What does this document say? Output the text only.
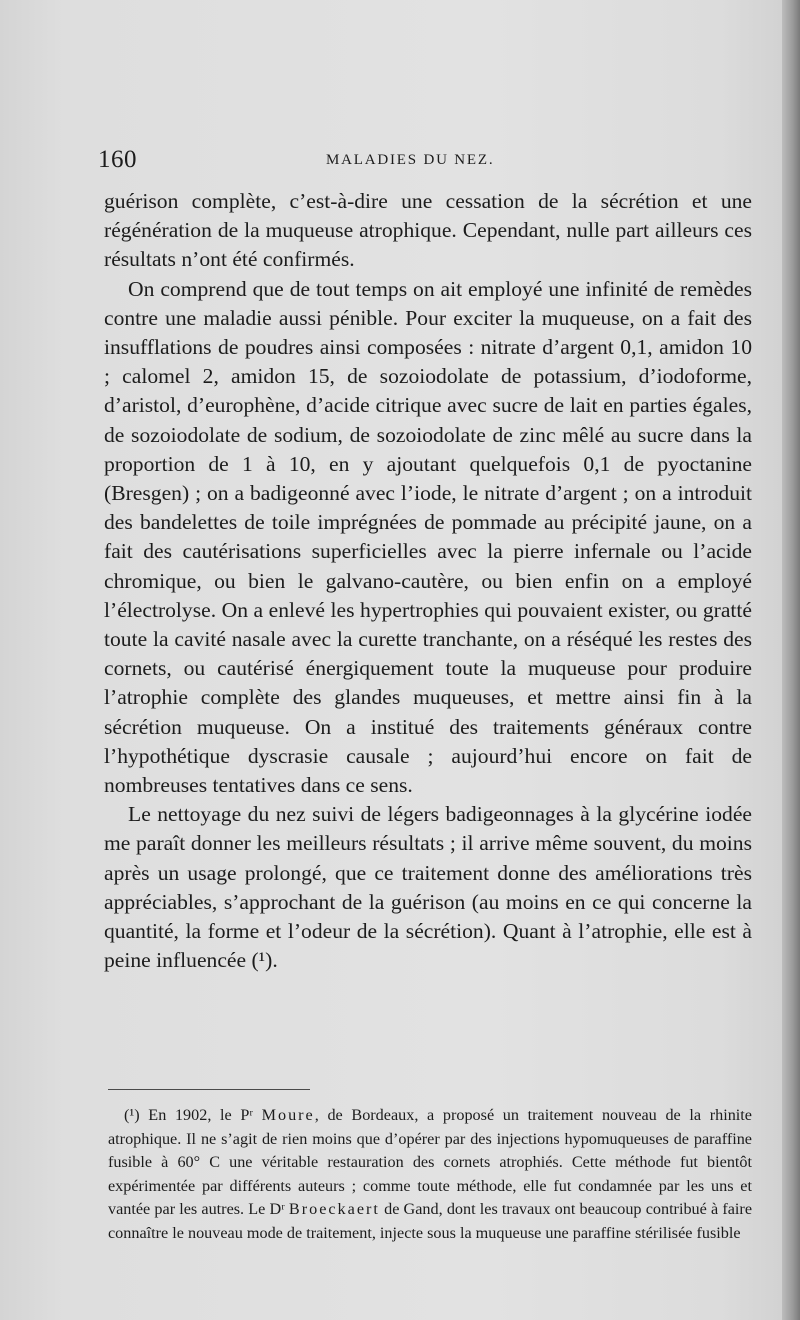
160	MALADIES DU NEZ.

guérison complète, c’est-à-dire une cessation de la sécrétion et une régénération de la muqueuse atrophique. Cependant, nulle part ailleurs ces résultats n’ont été confirmés.

On comprend que de tout temps on ait employé une infinité de remèdes contre une maladie aussi pénible. Pour exciter la muqueuse, on a fait des insufflations de poudres ainsi composées : nitrate d’argent 0,1, amidon 10 ; calomel 2, amidon 15, de sozoiodolate de potassium, d’iodoforme, d’aristol, d’europhène, d’acide citrique avec sucre de lait en parties égales, de sozoiodolate de sodium, de sozoiodolate de zinc mêlé au sucre dans la proportion de 1 à 10, en y ajoutant quelquefois 0,1 de pyoctanine (Bresgen) ; on a badigeonné avec l’iode, le nitrate d’argent ; on a introduit des bandelettes de toile imprégnées de pommade au précipité jaune, on a fait des cautérisations superficielles avec la pierre infernale ou l’acide chromique, ou bien le galvano-cautère, ou bien enfin on a employé l’électrolyse. On a enlevé les hypertrophies qui pouvaient exister, ou gratté toute la cavité nasale avec la curette tranchante, on a réséqué les restes des cornets, ou cautérisé énergiquement toute la muqueuse pour produire l’atrophie complète des glandes muqueuses, et mettre ainsi fin à la sécrétion muqueuse. On a institué des traitements généraux contre l’hypothétique dyscrasie causale ; aujourd’hui encore on fait de nombreuses tentatives dans ce sens.

Le nettoyage du nez suivi de légers badigeonnages à la glycérine iodée me paraît donner les meilleurs résultats ; il arrive même souvent, du moins après un usage prolongé, que ce traitement donne des améliorations très appréciables, s’approchant de la guérison (au moins en ce qui concerne la quantité, la forme et l’odeur de la sécrétion). Quant à l’atrophie, elle est à peine influencée (¹).

(¹) En 1902, le Pʳ Moure, de Bordeaux, a proposé un traitement nouveau de la rhinite atrophique. Il ne s’agit de rien moins que d’opérer par des injections hypomuqueuses de paraffine fusible à 60° C une véritable restauration des cornets atrophiés. Cette méthode fut bientôt expérimentée par différents auteurs ; comme toute méthode, elle fut condamnée par les uns et vantée par les autres. Le Dʳ Broeckaert de Gand, dont les travaux ont beaucoup contribué à faire connaître le nouveau mode de traitement, injecte sous la muqueuse une paraffine stérilisée fusible
